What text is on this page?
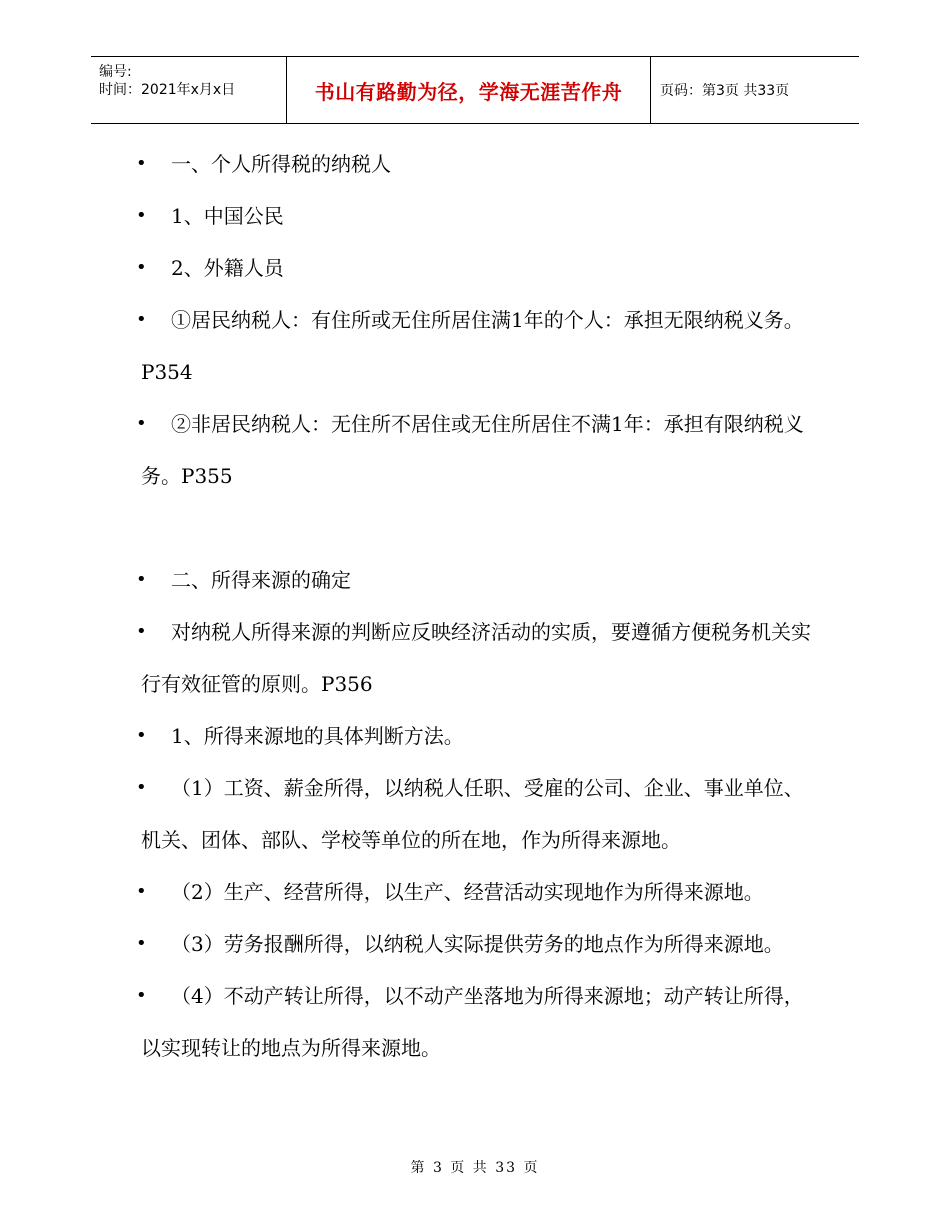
编号:
时间：2021年x月x日	书山有路勤为径，学海无涯苦作舟	页码：第3页 共33页
•	一、个人所得税的纳税人
•	1、中国公民
•	2、外籍人员
•	①居民纳税人：有住所或无住所居住满1年的个人：承担无限纳税义务。P354
•	②非居民纳税人：无住所不居住或无住所居住不满1年：承担有限纳税义务。P355
•	二、所得来源的确定
•	对纳税人所得来源的判断应反映经济活动的实质，要遵循方便税务机关实行有效征管的原则。P356
•	1、所得来源地的具体判断方法。
•	（1）工资、薪金所得，以纳税人任职、受雇的公司、企业、事业单位、机关、团体、部队、学校等单位的所在地，作为所得来源地。
•	（2）生产、经营所得，以生产、经营活动实现地作为所得来源地。
•	（3）劳务报酬所得，以纳税人实际提供劳务的地点作为所得来源地。
•	（4）不动产转让所得，以不动产坐落地为所得来源地；动产转让所得，以实现转让的地点为所得来源地。
第 3 页 共 33 页
